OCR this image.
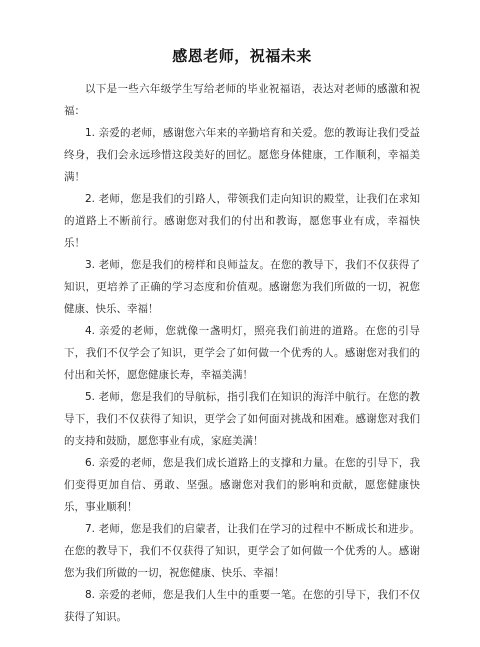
感恩老师，祝福未来

以下是一些六年级学生写给老师的毕业祝福语，表达对老师的感激和祝福：

1. 亲爱的老师，感谢您六年来的辛勤培育和关爱。您的教诲让我们受益终身，我们会永远珍惜这段美好的回忆。愿您身体健康，工作顺利，幸福美满！

2. 老师，您是我们的引路人，带领我们走向知识的殿堂，让我们在求知的道路上不断前行。感谢您对我们的付出和教诲，愿您事业有成，幸福快乐！

3. 老师，您是我们的榜样和良师益友。在您的教导下，我们不仅获得了知识，更培养了正确的学习态度和价值观。感谢您为我们所做的一切，祝您健康、快乐、幸福！

4. 亲爱的老师，您就像一盏明灯，照亮我们前进的道路。在您的引导下，我们不仅学会了知识，更学会了如何做一个优秀的人。感谢您对我们的付出和关怀，愿您健康长寿，幸福美满！

5. 老师，您是我们的导航标，指引我们在知识的海洋中航行。在您的教导下，我们不仅获得了知识，更学会了如何面对挑战和困难。感谢您对我们的支持和鼓励，愿您事业有成，家庭美满！

6. 亲爱的老师，您是我们成长道路上的支撑和力量。在您的引导下，我们变得更加自信、勇敢、坚强。感谢您对我们的影响和贡献，愿您健康快乐，事业顺利！

7. 老师，您是我们的启蒙者，让我们在学习的过程中不断成长和进步。在您的教导下，我们不仅获得了知识，更学会了如何做一个优秀的人。感谢您为我们所做的一切，祝您健康、快乐、幸福！

8. 亲爱的老师，您是我们人生中的重要一笔。在您的引导下，我们不仅获得了知识。
